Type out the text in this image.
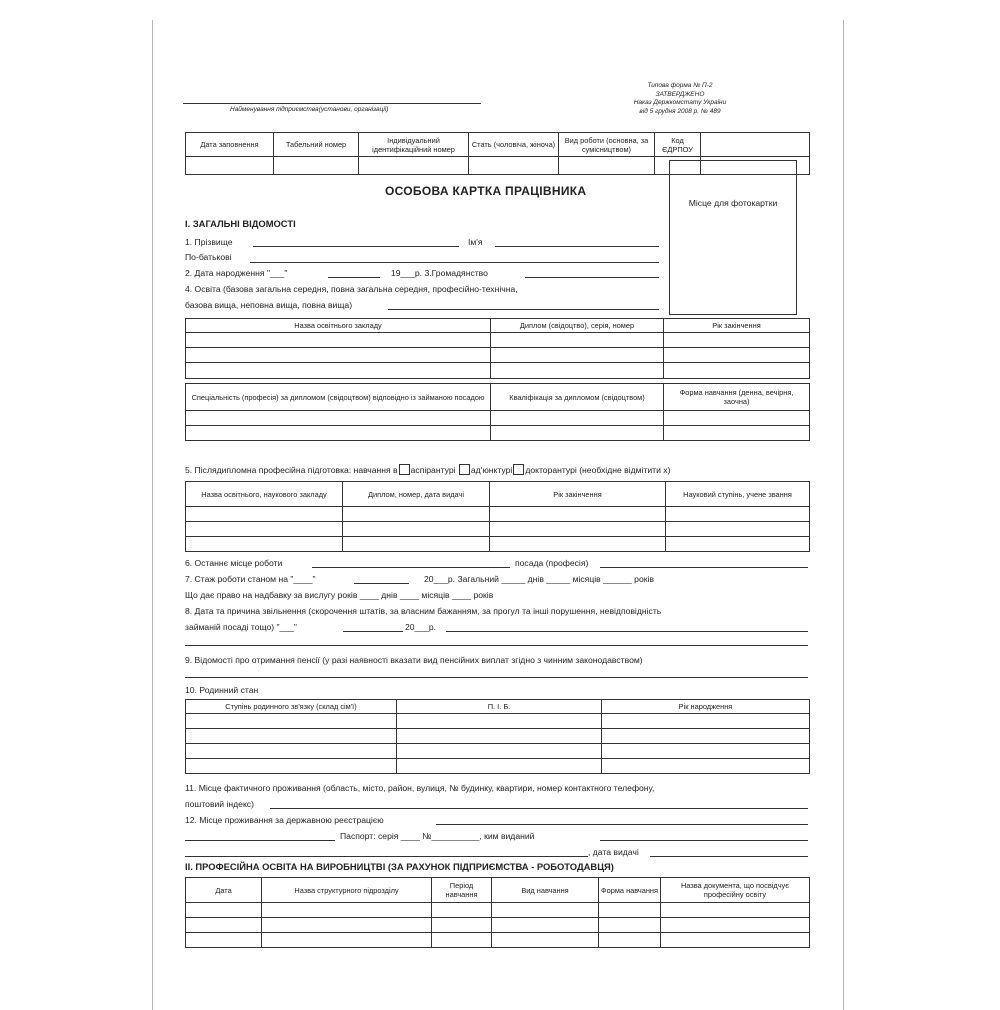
Найменування підприємства(установи, організації)
Типова форма № П-2
ЗАТВЕРДЖЕНО
Наказ Держкомстату України
від 5 грудня 2008 р. № 489
Дата заповнення	Табельний номер	Індивідуальний ідентифікаційний номер	Стать (чоловіча, жіноча)	Вид роботи (основна, за сумісництвом)	Код ЄДРПОУ	

ОСОБОВА КАРТКА ПРАЦІВНИКА
Місце для фотокартки
І. ЗАГАЛЬНІ ВІДОМОСТІ
1. Прізвище	Ім'я
По-батькові
2. Дата народження "___"	19___р. 3.Громадянство
4. Освіта (базова загальна середня, повна загальна середня, професійно-технічна,
базова вища, неповна вища, повна вища)
Назва освітнього закладу	Диплом (свідоцтво), серія, номер	Рік закінчення

Спеціальність (професія) за дипломом (свідоцтвом) відповідно із займаною посадою	Кваліфікація за дипломом (свідоцтвом)	Форма навчання (денна, вечірня, заочна)

5. Післядипломна професійна підготовка: навчання в аспірантурі ад'юнктурі докторантурі (необхідне відмітити х)
Назва освітнього, наукового закладу	Диплом, номер, дата видачі	Рік закінчення	Науковий ступінь, учене звання

6. Останнє місце роботи	посада (професія)
7. Стаж роботи станом на "____"	20___р. Загальний _____ днів _____ місяців ______ років
Що дає право на надбавку за вислугу років ____ днів ____ місяців ____ років
8. Дата та причина звільнення (скорочення штатів, за власним бажанням, за прогул та інші порушення, невідповідність
займаній посаді тощо) "___"	20___р.
9. Відомості про отримання пенсії (у разі наявності вказати вид пенсійних виплат згідно з чинним законодавством)
10. Родинний стан
Ступінь родинного зв'язку (склад сім'ї)	П. І. Б.	Рік народження

11. Місце фактичного проживання (область, місто, район, вулиця, № будинку, квартири, номер контактного телефону,
поштовий індекс)
12. Місце проживання за державною реєстрацією
Паспорт: серія ____ №__________, ким виданий
, дата видачі
ІІ. ПРОФЕСІЙНА ОСВІТА НА ВИРОБНИЦТВІ (ЗА РАХУНОК ПІДПРИЄМСТВА - РОБОТОДАВЦЯ)
Дата	Назва структурного підрозділу	Період навчання	Вид навчання	Форма навчання	Назва документа, що посвідчує професійну освіту
